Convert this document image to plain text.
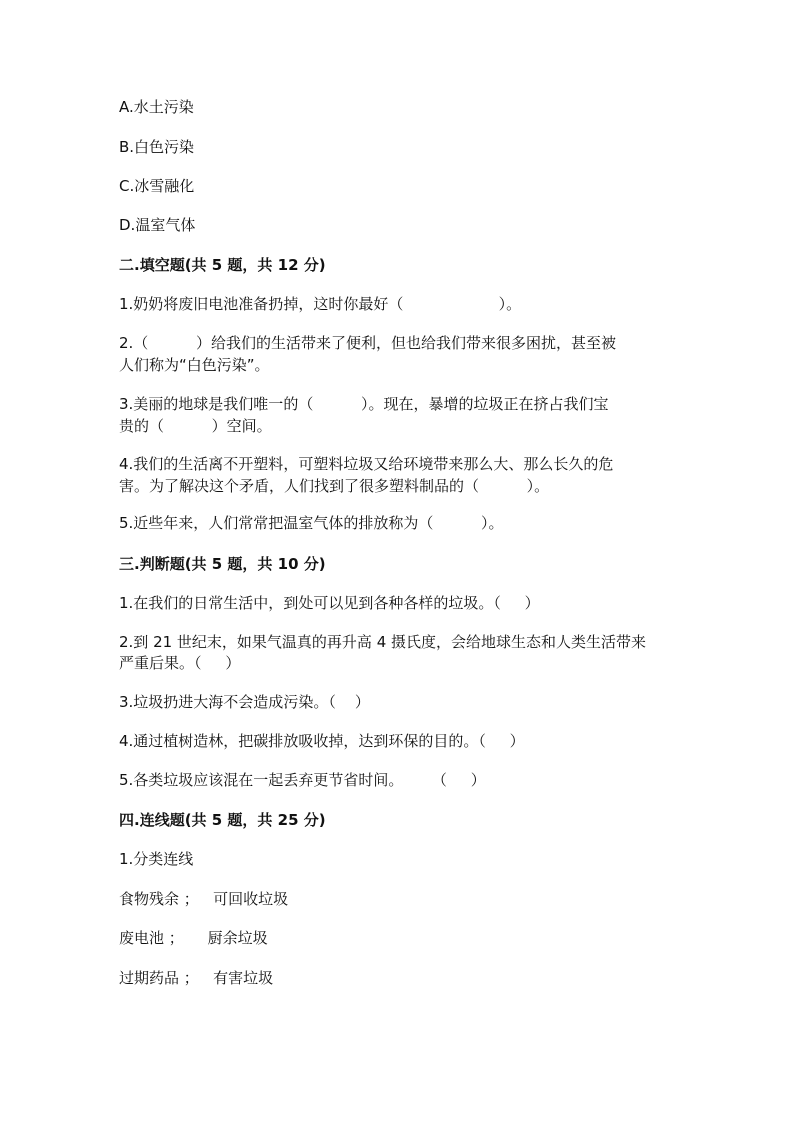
A.水土污染
B.白色污染
C.冰雪融化
D.温室气体
二.填空题(共 5 题，共 12 分)
1.奶奶将废旧电池准备扔掉，这时你最好（                    ）。
2.（          ）给我们的生活带来了便利，但也给我们带来很多困扰，甚至被
人们称为“白色污染”。
3.美丽的地球是我们唯一的（          ）。现在，暴增的垃圾正在挤占我们宝
贵的（          ）空间。
4.我们的生活离不开塑料，可塑料垃圾又给环境带来那么大、那么长久的危
害。为了解决这个矛盾，人们找到了很多塑料制品的（          ）。
5.近些年来，人们常常把温室气体的排放称为（          ）。
三.判断题(共 5 题，共 10 分)
1.在我们的日常生活中，到处可以见到各种各样的垃圾。（     ）
2.到 21 世纪末，如果气温真的再升高 4 摄氏度，会给地球生态和人类生活带来
严重后果。（     ）
3.垃圾扔进大海不会造成污染。（    ）
4.通过植树造林，把碳排放吸收掉，达到环保的目的。（     ）
5.各类垃圾应该混在一起丢弃更节省时间。      （     ）
四.连线题(共 5 题，共 25 分)
1.分类连线
食物残余 ；   可回收垃圾
废电池 ；     厨余垃圾
过期药品 ；   有害垃圾
